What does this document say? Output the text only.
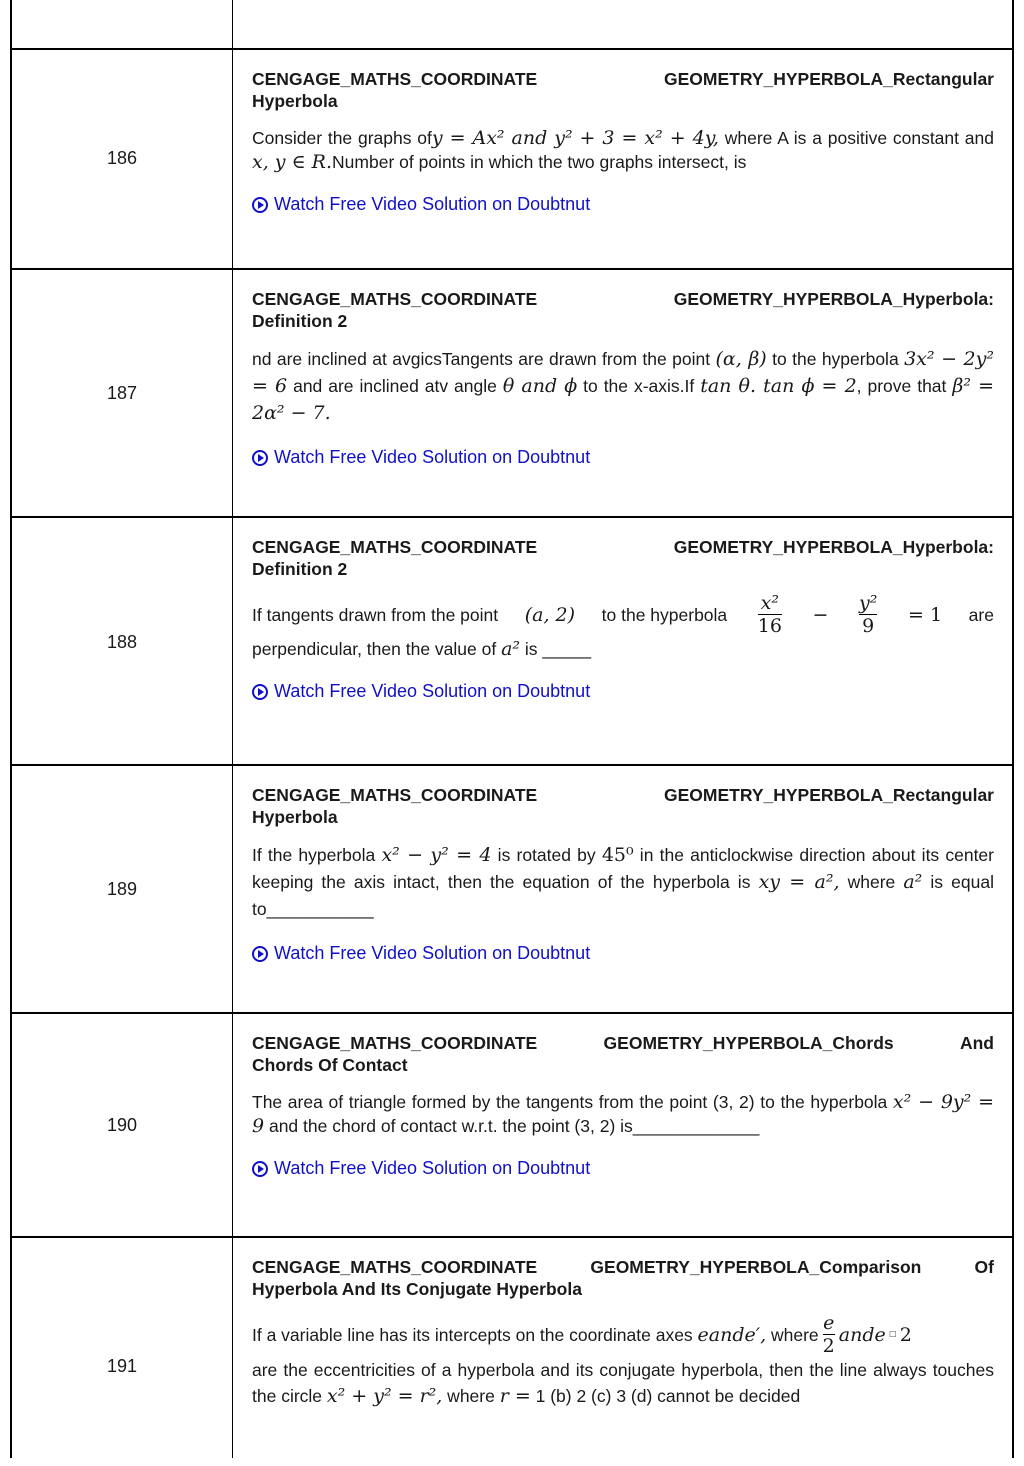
186
CENGAGE_MATHS_COORDINATE	GEOMETRY_HYPERBOLA_Rectangular
Hyperbola

Consider the graphs ofy = Ax² and y² + 3 = x² + 4y, where A is a positive constant and x, y ∈ R.Number of points in which the two graphs intersect, is

Watch Free Video Solution on Doubtnut
187
CENGAGE_MATHS_COORDINATE	GEOMETRY_HYPERBOLA_Hyperbola:
Definition 2

nd are inclined at avgicsTangents are drawn from the point (α, β) to the hyperbola 3x² − 2y² = 6 and are inclined atv angle θ and ϕ to the x-axis.If tan θ. tan ϕ = 2, prove that β² = 2α² − 7.

Watch Free Video Solution on Doubtnut
188
CENGAGE_MATHS_COORDINATE	GEOMETRY_HYPERBOLA_Hyperbola:
Definition 2
If tangents drawn from the point (a, 2) to the hyperbola $\frac{\text{x²}}{16} - \frac{\text{y²}}{9} = 1$ are

perpendicular, then the value of a² is _____

Watch Free Video Solution on Doubtnut
189
CENGAGE_MATHS_COORDINATE	GEOMETRY_HYPERBOLA_Rectangular
Hyperbola

If the hyperbola x² − y² = 4 is rotated by 45⁰ in the anticlockwise direction about its center keeping the axis intact, then the equation of the hyperbola is xy = a², where a² is equal to___________

Watch Free Video Solution on Doubtnut
190
CENGAGE_MATHS_COORDINATE	GEOMETRY_HYPERBOLA_Chords	And
Chords Of Contact

The area of triangle formed by the tangents from the point (3, 2) to the hyperbola x² − 9y² = 9 and the chord of contact w.r.t. the point (3, 2) is_____________

Watch Free Video Solution on Doubtnut
191
CENGAGE_MATHS_COORDINATE	GEOMETRY_HYPERBOLA_Comparison	Of
Hyperbola And Its Conjugate Hyperbola
If a variable line has its intercepts on the coordinate axes
eande′,
where $\frac{e}{2}$ ande □ 2

are the eccentricities of a hyperbola and its conjugate hyperbola, then the line always touches the circle x² + y² = r², where r = 1 (b) 2 (c) 3 (d) cannot be decided
